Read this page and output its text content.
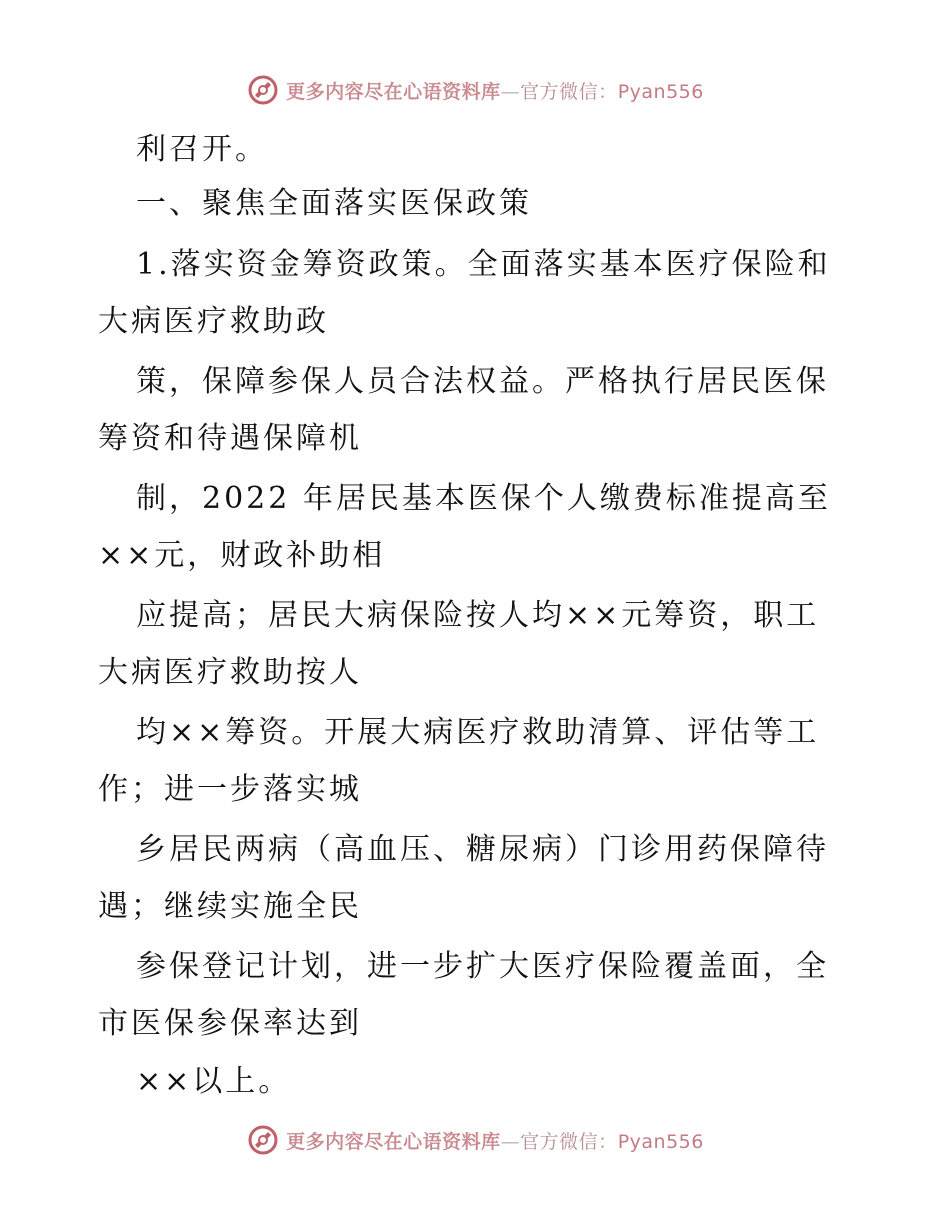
更多内容尽在心语资料库—官方微信：Pyan556
利召开。
一、聚焦全面落实医保政策
1.落实资金筹资政策。全面落实基本医疗保险和
大病医疗救助政
策，保障参保人员合法权益。严格执行居民医保
筹资和待遇保障机
制，2022 年居民基本医保个人缴费标准提高至
××元，财政补助相
应提高；居民大病保险按人均××元筹资，职工
大病医疗救助按人
均××筹资。开展大病医疗救助清算、评估等工
作；进一步落实城
乡居民两病（高血压、糖尿病）门诊用药保障待
遇；继续实施全民
参保登记计划，进一步扩大医疗保险覆盖面，全
市医保参保率达到
××以上。
更多内容尽在心语资料库—官方微信：Pyan556
